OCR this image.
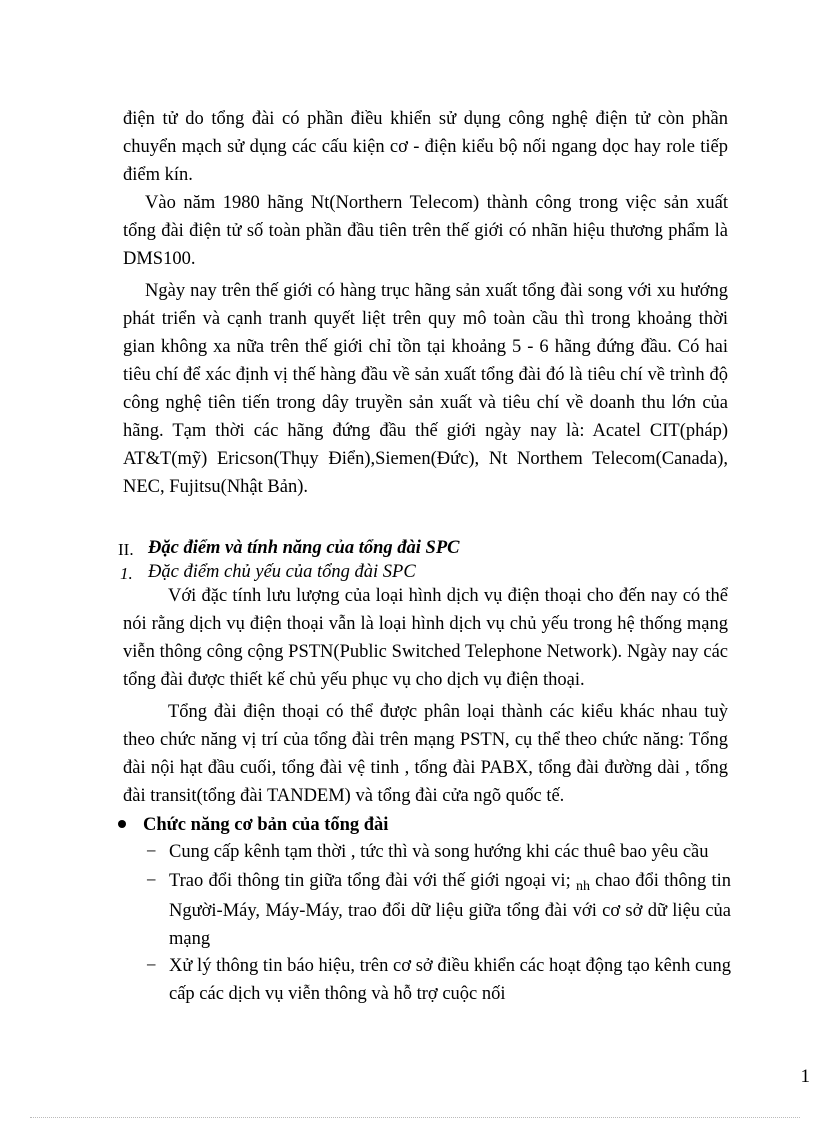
điện tử do tổng đài có phần điều khiển sử dụng công nghệ điện tử còn phần chuyển mạch sử dụng các cấu kiện cơ - điện kiểu bộ nối ngang dọc hay role tiếp điểm kín.

Vào năm 1980 hãng Nt(Northern Telecom) thành công trong việc sản xuất tổng đài điện tử số toàn phần đầu tiên trên thế giới có nhãn hiệu thương phẩm là DMS100.

Ngày nay trên thế giới có hàng trục hãng sản xuất tổng đài song với xu hướng phát triển và cạnh tranh quyết liệt trên quy mô toàn cầu thì trong khoảng thời gian không xa nữa trên thế giới chỉ tồn tại khoảng 5 - 6 hãng đứng đầu. Có hai tiêu chí để xác định vị thế hàng đầu về sản xuất tổng đài đó là tiêu chí về trình độ công nghệ tiên tiến trong dây truyền sản xuất và tiêu chí về doanh thu lớn của hãng. Tạm thời các hãng đứng đầu thế giới ngày nay là: Acatel CIT(pháp) AT&T(mỹ) Ericson(Thụy Điển),Siemen(Đức), Nt Northem Telecom(Canada), NEC, Fujitsu(Nhật Bản).

II. Đặc điểm và tính năng của tổng đài SPC
1. Đặc điểm chủ yếu của tổng đài SPC

Với đặc tính lưu lượng của loại hình dịch vụ điện thoại cho đến nay có thể nói rằng dịch vụ điện thoại vẫn là loại hình dịch vụ chủ yếu trong hệ thống mạng viễn thông công cộng PSTN(Public Switched Telephone Network). Ngày nay các tổng đài được thiết kế chủ yếu phục vụ cho dịch vụ điện thoại.

Tổng đài điện thoại có thể được phân loại thành các kiểu khác nhau tuỳ theo chức năng vị trí của tổng đài trên mạng PSTN, cụ thể theo chức năng: Tổng đài nội hạt đầu cuối, tổng đài vệ tinh , tổng đài PABX, tổng đài đường dài , tổng đài transit(tổng đài TANDEM) và tổng đài cửa ngõ quốc tế.

Chức năng cơ bản của tổng đài
− Cung cấp kênh tạm thời , tức thì và song hướng khi các thuê bao yêu cầu
− Trao đổi thông tin giữa tổng đài với thế giới ngoại vi; $_{nh}$ chao đổi thông tin Người-Máy, Máy-Máy, trao đổi dữ liệu giữa tổng đài với cơ sở dữ liệu của mạng
− Xử lý thông tin báo hiệu, trên cơ sở điều khiển các hoạt động tạo kênh cung cấp các dịch vụ viễn thông và hỗ trợ cuộc nối
1
